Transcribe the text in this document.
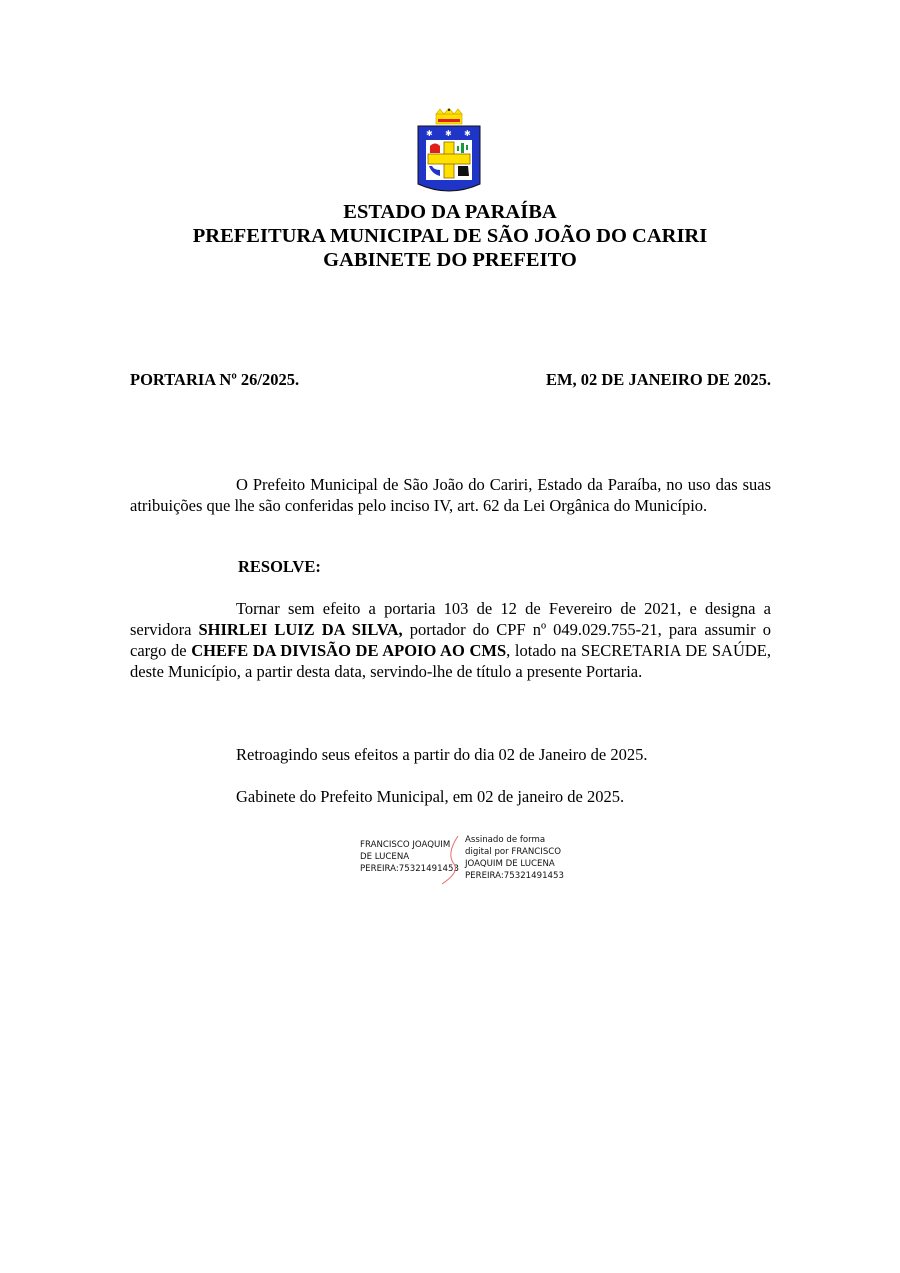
✱ ✱ ✱
ESTADO DA PARAÍBA
PREFEITURA MUNICIPAL DE SÃO JOÃO DO CARIRI
GABINETE DO PREFEITO
PORTARIA Nº 26/2025.	EM, 02 DE JANEIRO DE 2025.
O Prefeito Municipal de São João do Cariri, Estado da Paraíba, no uso das suas atribuições que lhe são conferidas pelo inciso IV, art. 62 da Lei Orgânica do Município.
RESOLVE:
Tornar sem efeito a portaria 103 de 12 de Fevereiro de 2021, e designa a servidora SHIRLEI LUIZ DA SILVA, portador do CPF nº 049.029.755-21, para assumir o cargo de CHEFE DA DIVISÃO DE APOIO AO CMS, lotado na SECRETARIA DE SAÚDE, deste Município, a partir desta data, servindo-lhe de título a presente Portaria.
Retroagindo seus efeitos a partir do dia 02 de Janeiro de 2025.
Gabinete do Prefeito Municipal, em 02 de janeiro de 2025.
FRANCISCO JOAQUIM
DE LUCENA
PEREIRA:75321491453
Assinado de forma
digital por FRANCISCO
JOAQUIM DE LUCENA
PEREIRA:75321491453
